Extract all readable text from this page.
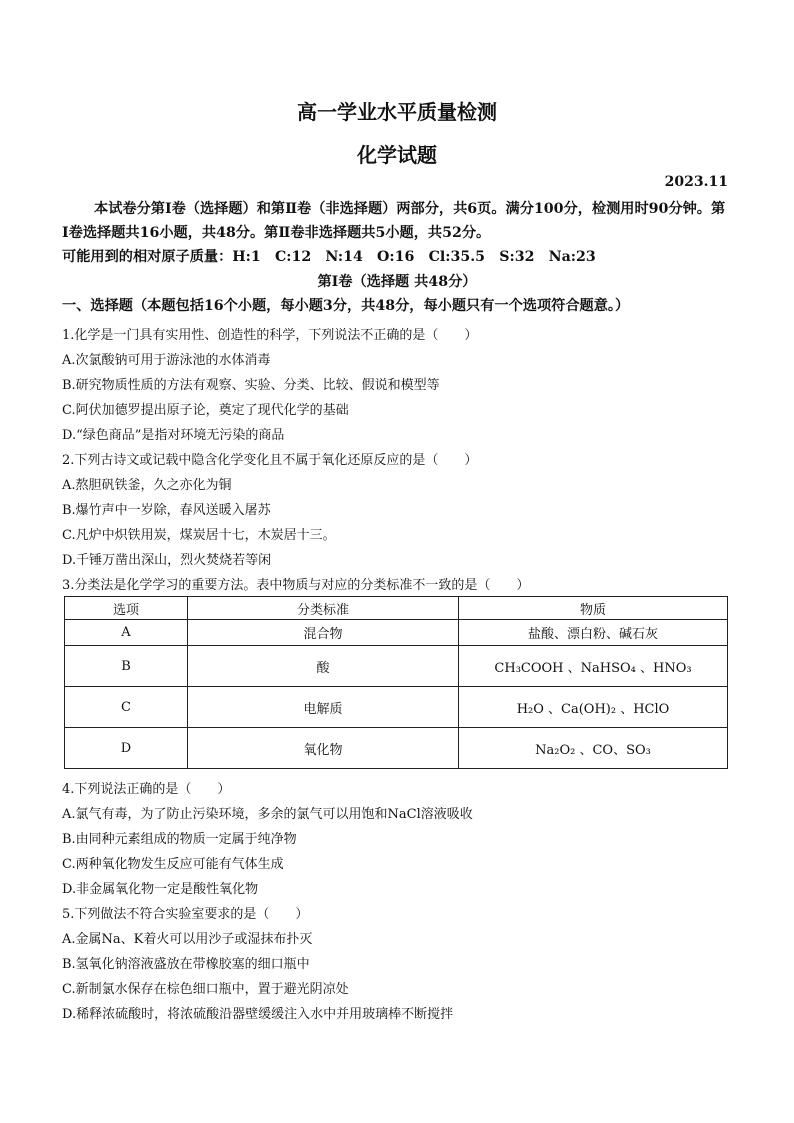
高一学业水平质量检测
化学试题
2023.11
本试卷分第Ⅰ卷（选择题）和第Ⅱ卷（非选择题）两部分，共6页。满分100分，检测用时90分钟。第Ⅰ卷选择题共16小题，共48分。第Ⅱ卷非选择题共5小题，共52分。
可能用到的相对原子质量：H:1　C:12　N:14　O:16　Cl:35.5　S:32　Na:23
第Ⅰ卷（选择题 共48分）
一、选择题（本题包括16个小题，每小题3分，共48分，每小题只有一个选项符合题意。）
1.化学是一门具有实用性、创造性的科学，下列说法不正确的是（　　）
A.次氯酸钠可用于游泳池的水体消毒
B.研究物质性质的方法有观察、实验、分类、比较、假说和模型等
C.阿伏加德罗提出原子论，奠定了现代化学的基础
D.“绿色商品”是指对环境无污染的商品
2.下列古诗文或记载中隐含化学变化且不属于氧化还原反应的是（　　）
A.熬胆矾铁釜，久之亦化为铜
B.爆竹声中一岁除，春风送暖入屠苏
C.凡炉中炽铁用炭，煤炭居十七，木炭居十三。
D.千锤万凿出深山，烈火焚烧若等闲
3.分类法是化学学习的重要方法。表中物质与对应的分类标准不一致的是（　　）
选项	分类标准	物质
A	混合物	盐酸、漂白粉、碱石灰
B	酸	CH₃COOH 、NaHSO₄ 、HNO₃
C	电解质	H₂O 、Ca(OH)₂ 、HClO
D	氧化物	Na₂O₂ 、CO、SO₃
4.下列说法正确的是（　　）
A.氯气有毒，为了防止污染环境，多余的氯气可以用饱和NaCl溶液吸收
B.由同种元素组成的物质一定属于纯净物
C.两种氧化物发生反应可能有气体生成
D.非金属氧化物一定是酸性氧化物
5.下列做法不符合实验室要求的是（　　）
A.金属Na、K着火可以用沙子或湿抹布扑灭
B.氢氧化钠溶液盛放在带橡胶塞的细口瓶中
C.新制氯水保存在棕色细口瓶中，置于避光阴凉处
D.稀释浓硫酸时，将浓硫酸沿器壁缓缓注入水中并用玻璃棒不断搅拌
